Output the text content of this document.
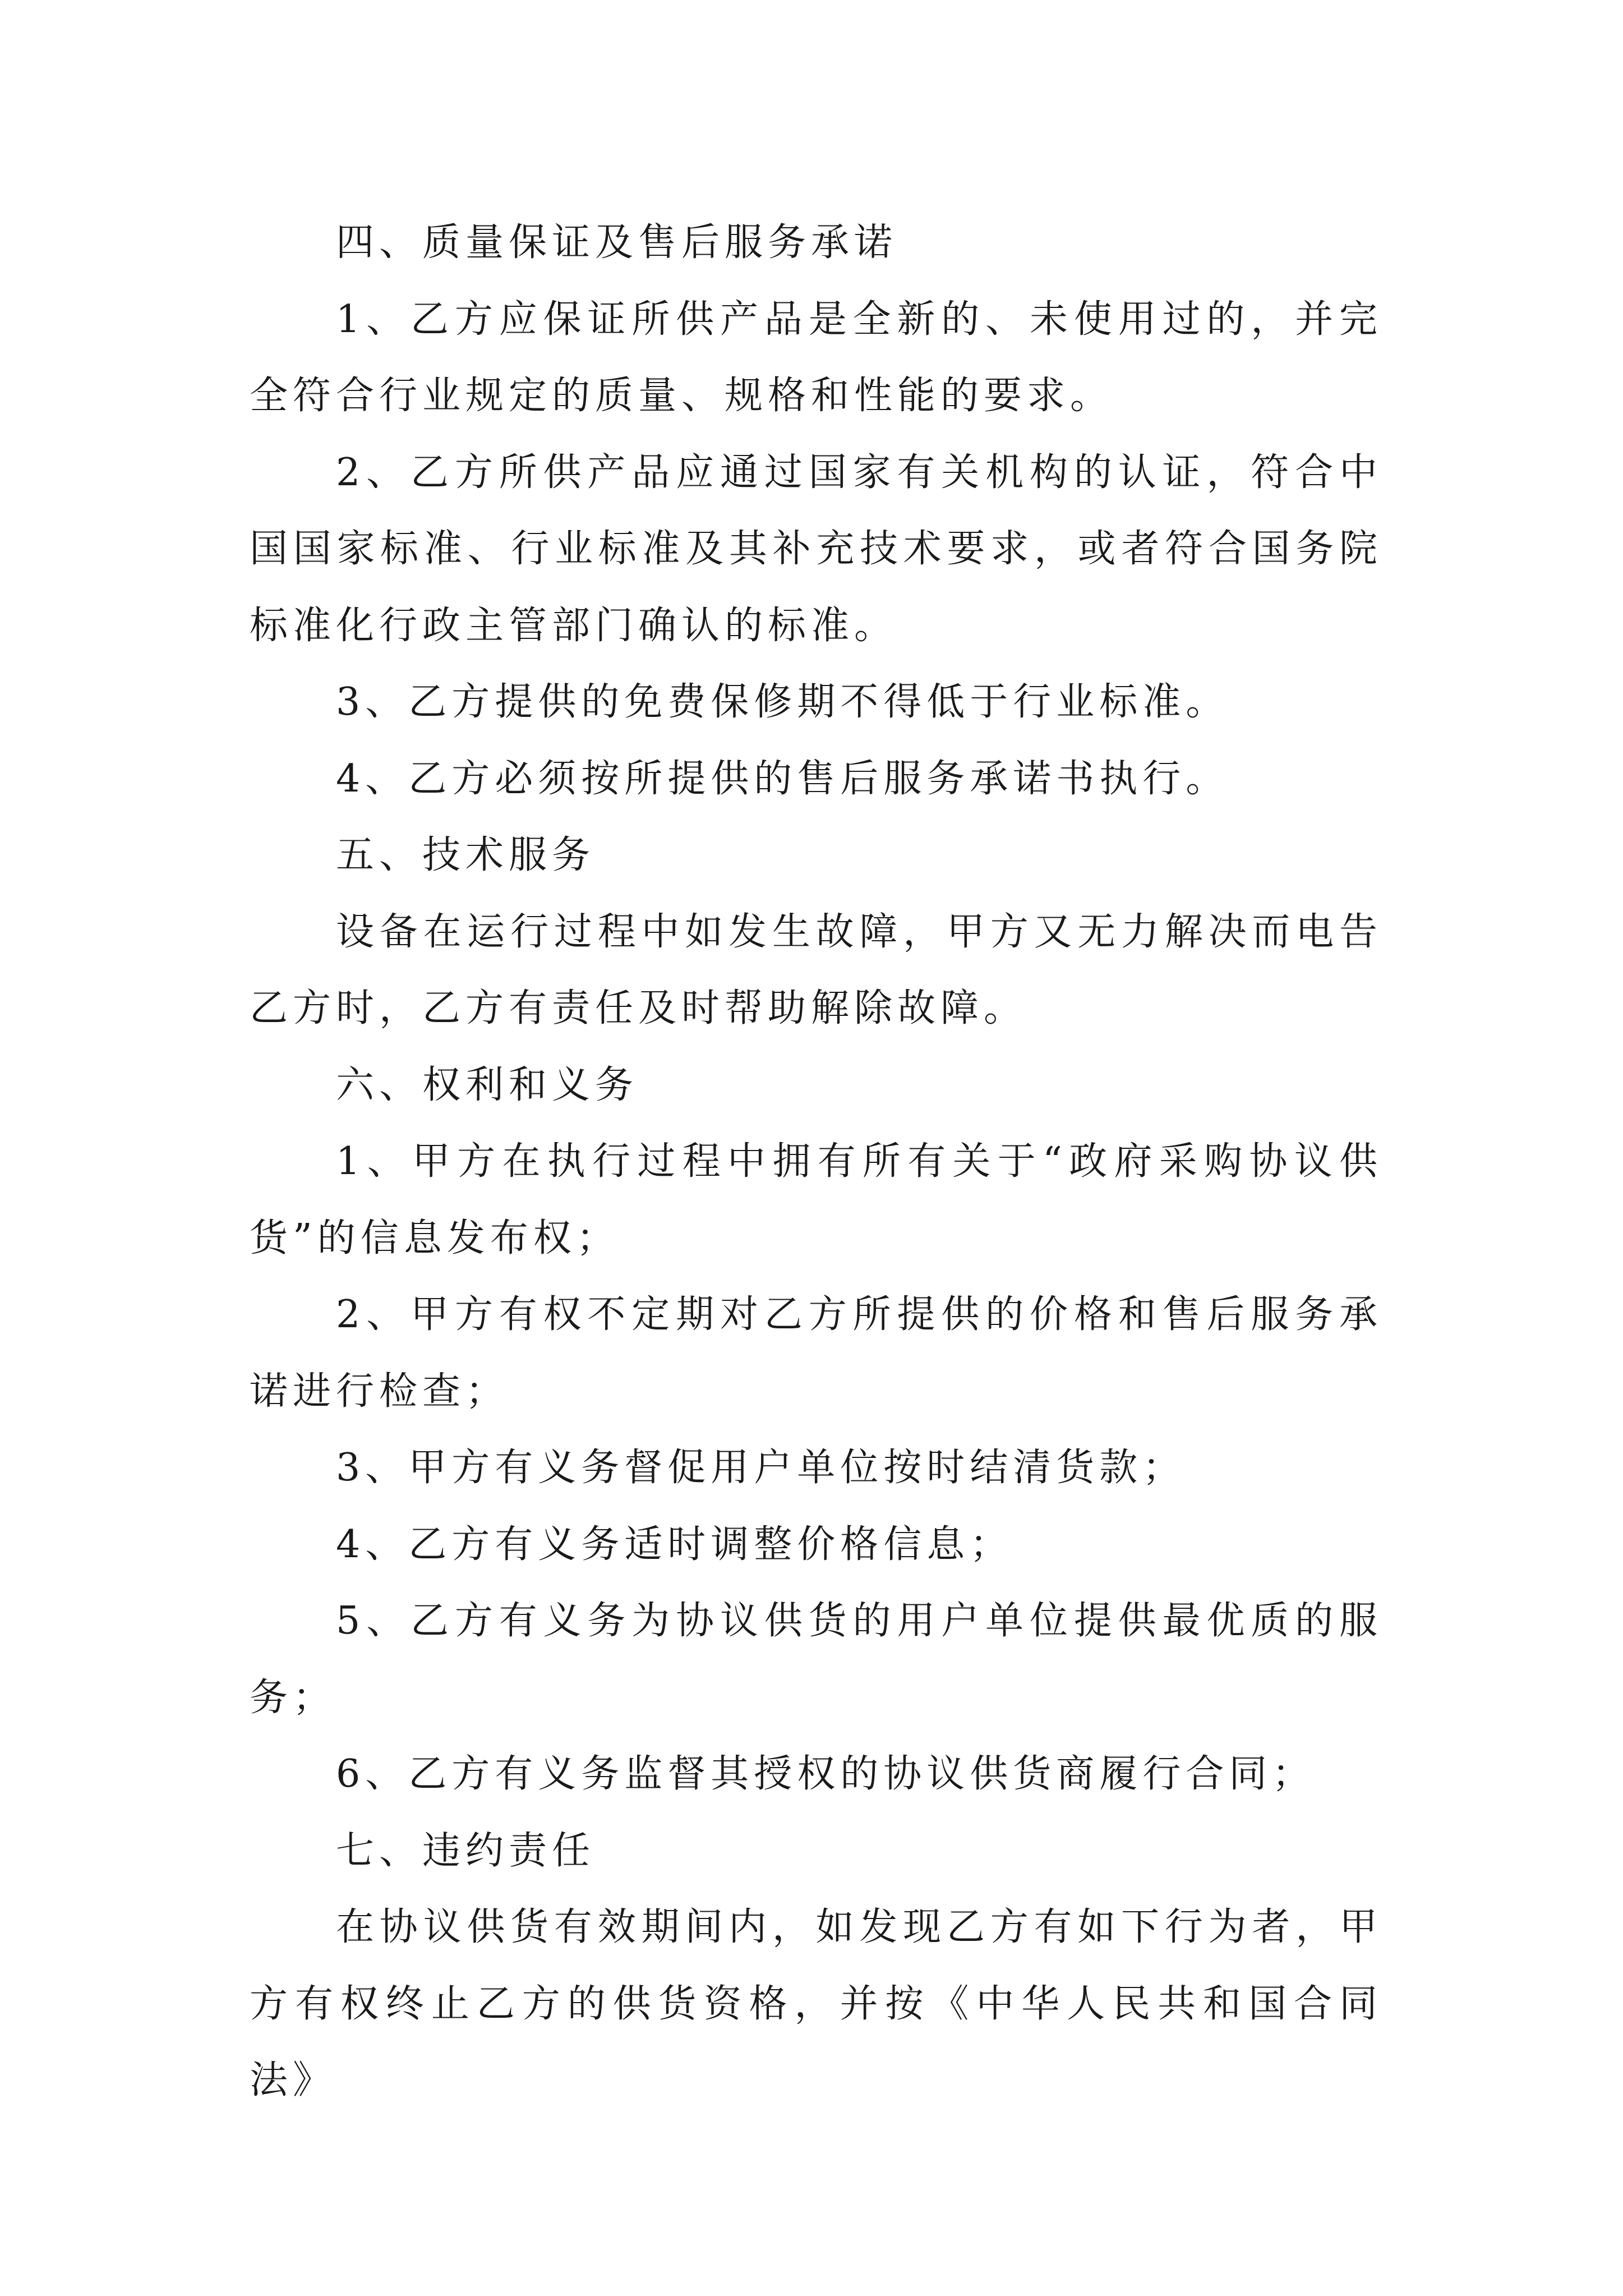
四、质量保证及售后服务承诺

1、乙方应保证所供产品是全新的、未使用过的，并完全符合行业规定的质量、规格和性能的要求。

2、乙方所供产品应通过国家有关机构的认证，符合中国国家标准、行业标准及其补充技术要求，或者符合国务院标准化行政主管部门确认的标准。

3、乙方提供的免费保修期不得低于行业标准。

4、乙方必须按所提供的售后服务承诺书执行。

五、技术服务

设备在运行过程中如发生故障，甲方又无力解决而电告乙方时，乙方有责任及时帮助解除故障。

六、权利和义务

1、甲方在执行过程中拥有所有关于“政府采购协议供货”的信息发布权；

2、甲方有权不定期对乙方所提供的价格和售后服务承诺进行检查；

3、甲方有义务督促用户单位按时结清货款；

4、乙方有义务适时调整价格信息；

5、乙方有义务为协议供货的用户单位提供最优质的服务；

6、乙方有义务监督其授权的协议供货商履行合同；

七、违约责任

在协议供货有效期间内，如发现乙方有如下行为者，甲方有权终止乙方的供货资格，并按《中华人民共和国合同法》
